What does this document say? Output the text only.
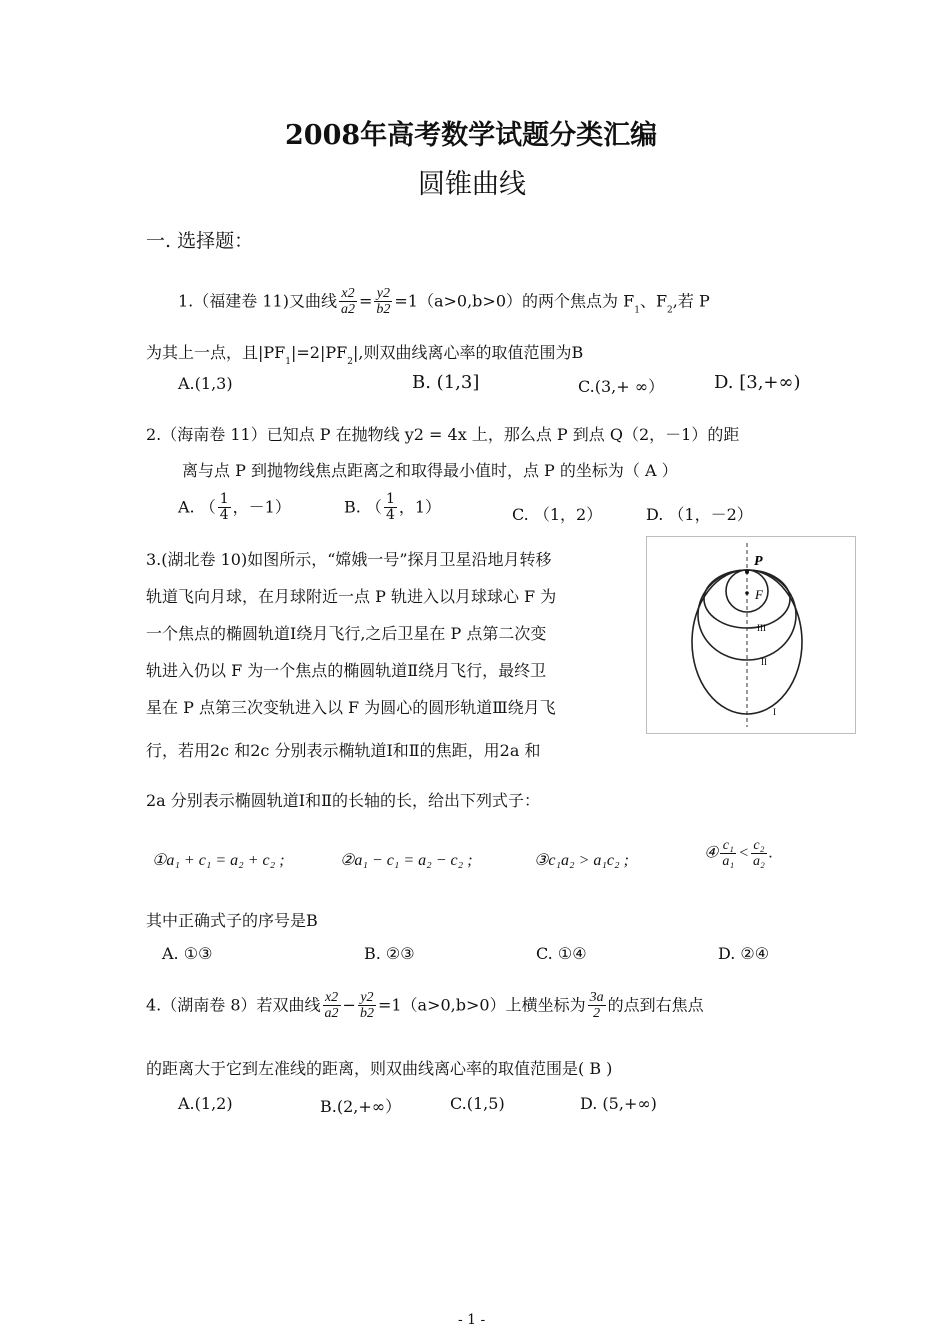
2008年高考数学试题分类汇编
圆锥曲线
一. 选择题：
1.（福建卷 11)又曲线 $\frac{x2}{a2} = \frac{y2}{b2} =1(a>0,b>0)$的两个焦点为 $F_1$、$F_2$,若 P
为其上一点，且$|PF_1|=2|PF_2|$,则双曲线离心率的取值范围为B
A.(1,3)	B. (1,3]	C.(3,+ ∞）	D. [3,+∞)
2.（海南卷 11）已知点 P 在抛物线 y2 = 4x 上，那么点 P 到点 Q（2，－1）的距
离与点 P 到抛物线焦点距离之和取得最小值时，点 P 的坐标为（ A ）
A. （ $\frac{1}{4}$ ，－1）	B. （ $\frac{1}{4}$ ，1）	C. （1，2）	D. （1，－2）
3.(湖北卷 10)如图所示，“嫦娥一号”探月卫星沿地月转移
轨道飞向月球，在月球附近一点 P 轨进入以月球球心 F 为
一个焦点的椭圆轨道Ⅰ绕月飞行,之后卫星在 P 点第二次变
轨进入仍以 F 为一个焦点的椭圆轨道Ⅱ绕月飞行，最终卫
星在 P 点第三次变轨进入以 F 为圆心的圆形轨道Ⅲ绕月飞
行，若用2c 和2c 分别表示椭轨道Ⅰ和Ⅱ的焦距，用2a 和
2a 分别表示椭圆轨道Ⅰ和Ⅱ的长轴的长，给出下列式子：
P
F
III
II
I
①a₁ + c₁ = a₂ + c₂ ;	②a₁ − c₁ = a₂ − c₂ ;	③c₁a₂ > a₁c₂ ;	④ $\frac{\text{c₁}}{\text{a₁}} < \frac{\text{c₂}}{\text{a₂}}$ .
其中正确式子的序号是B
A. ①③	B. ②③	C. ①④	D. ②④
4.（湖南卷 8）若双曲线 $\frac{x2}{a2} - \frac{y2}{b2} =1(a>0,b>0)$上横坐标为 $\frac{3a}{2}$ 的点到右焦点
的距离大于它到左准线的距离，则双曲线离心率的取值范围是( B )
A.(1,2)	B.(2,+∞）	C.(1,5)	D. (5,+∞)
- 1 -
